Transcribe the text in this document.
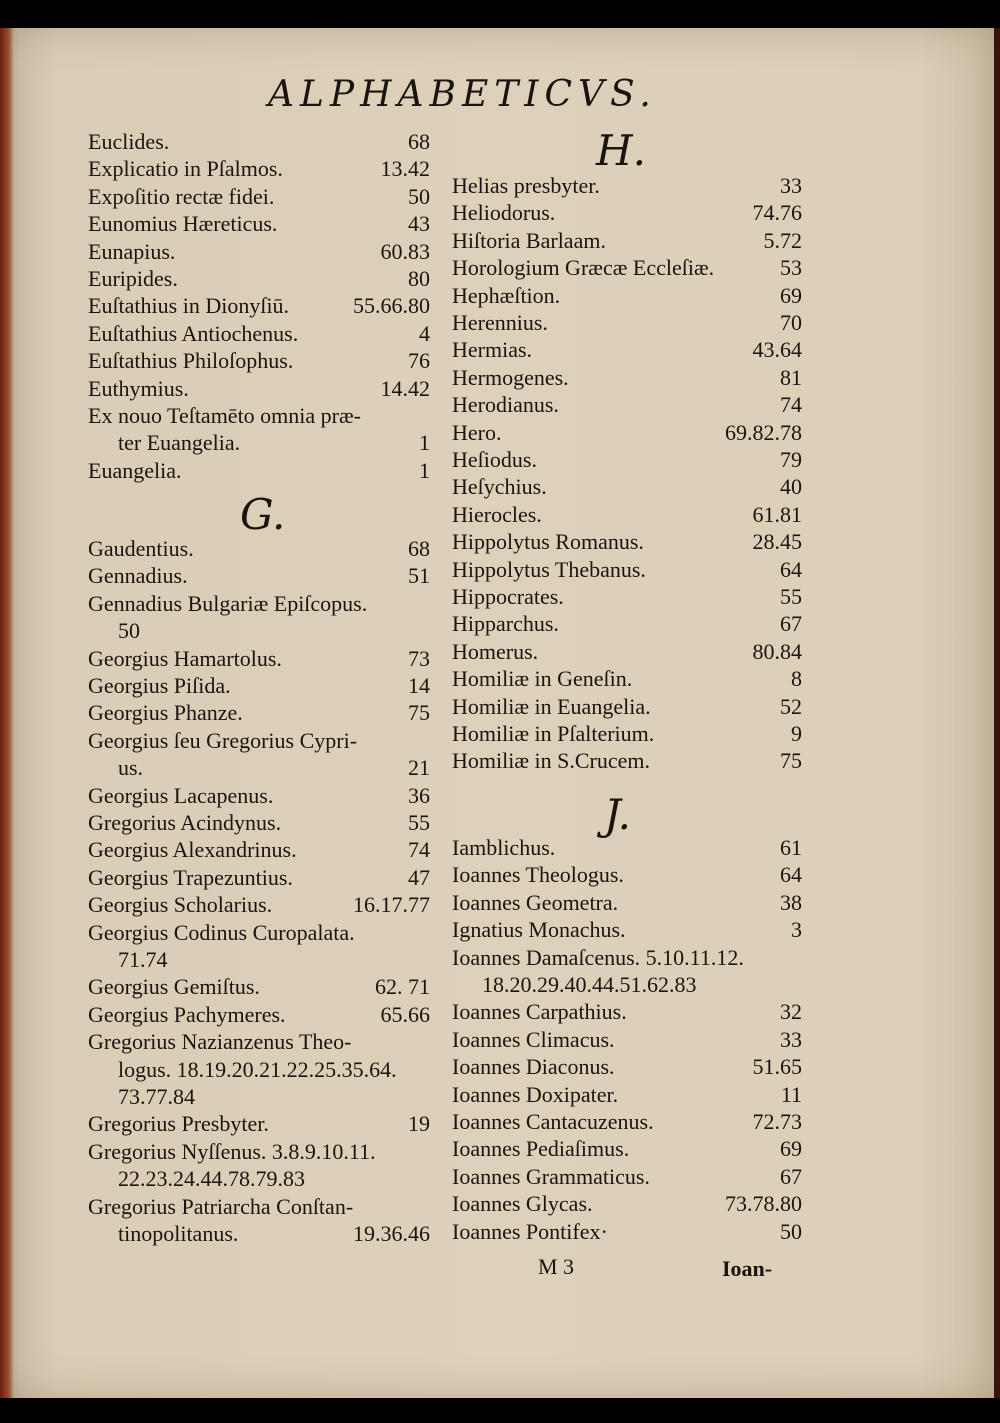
ALPHABETICVS.
Euclides.	68
Explicatio in Pſalmos.	13.42
Expoſitio rectæ fidei.	50
Eunomius Hæreticus.	43
Eunapius.	60.83
Euripides.	80
Euſtathius in Dionyſiū.	55.66.80
Euſtathius Antiochenus.	4
Euſtathius Philoſophus.	76
Euthymius.	14.42
Ex nouo Teſtamēto omnia præ-
ter Euangelia.	1
Euangelia.	1
Gaudentius.	68
Gennadius.	51
Gennadius Bulgariæ Epiſcopus.
50
Georgius Hamartolus.	73
Georgius Piſida.	14
Georgius Phanze.	75
Georgius ſeu Gregorius Cypri-
us.	21
Georgius Lacapenus.	36
Gregorius Acindynus.	55
Georgius Alexandrinus.	74
Georgius Trapezuntius.	47
Georgius Scholarius.	16.17.77
Georgius Codinus Curopalata.
71.74
Georgius Gemiſtus.	62. 71
Georgius Pachymeres.	65.66
Gregorius Nazianzenus Theo-
logus. 18.19.20.21.22.25.35.64.
73.77.84
Gregorius Presbyter.	19
Gregorius Nyſſenus. 3.8.9.10.11.
22.23.24.44.78.79.83
Gregorius Patriarcha Conſtan-
tinopolitanus.	19.36.46
G.
Helias presbyter.	33
Heliodorus.	74.76
Hiſtoria Barlaam.	5.72
Horologium Græcæ Eccleſiæ.	53
Hephæſtion.	69
Herennius.	70
Hermias.	43.64
Hermogenes.	81
Herodianus.	74
Hero.	69.82.78
Heſiodus.	79
Heſychius.	40
Hierocles.	61.81
Hippolytus Romanus.	28.45
Hippolytus Thebanus.	64
Hippocrates.	55
Hipparchus.	67
Homerus.	80.84
Homiliæ in Geneſin.	8
Homiliæ in Euangelia.	52
Homiliæ in Pſalterium.	9
Homiliæ in S.Crucem.	75
Iamblichus.	61
Ioannes Theologus.	64
Ioannes Geometra.	38
Ignatius Monachus.	3
Ioannes Damaſcenus. 5.10.11.12.
18.20.29.40.44.51.62.83
Ioannes Carpathius.	32
Ioannes Climacus.	33
Ioannes Diaconus.	51.65
Ioannes Doxipater.	11
Ioannes Cantacuzenus.	72.73
Ioannes Pediaſimus.	69
Ioannes Grammaticus.	67
Ioannes Glycas.	73.78.80
Ioannes Pontifex·	50
H.
J.
M 3	Ioan-
